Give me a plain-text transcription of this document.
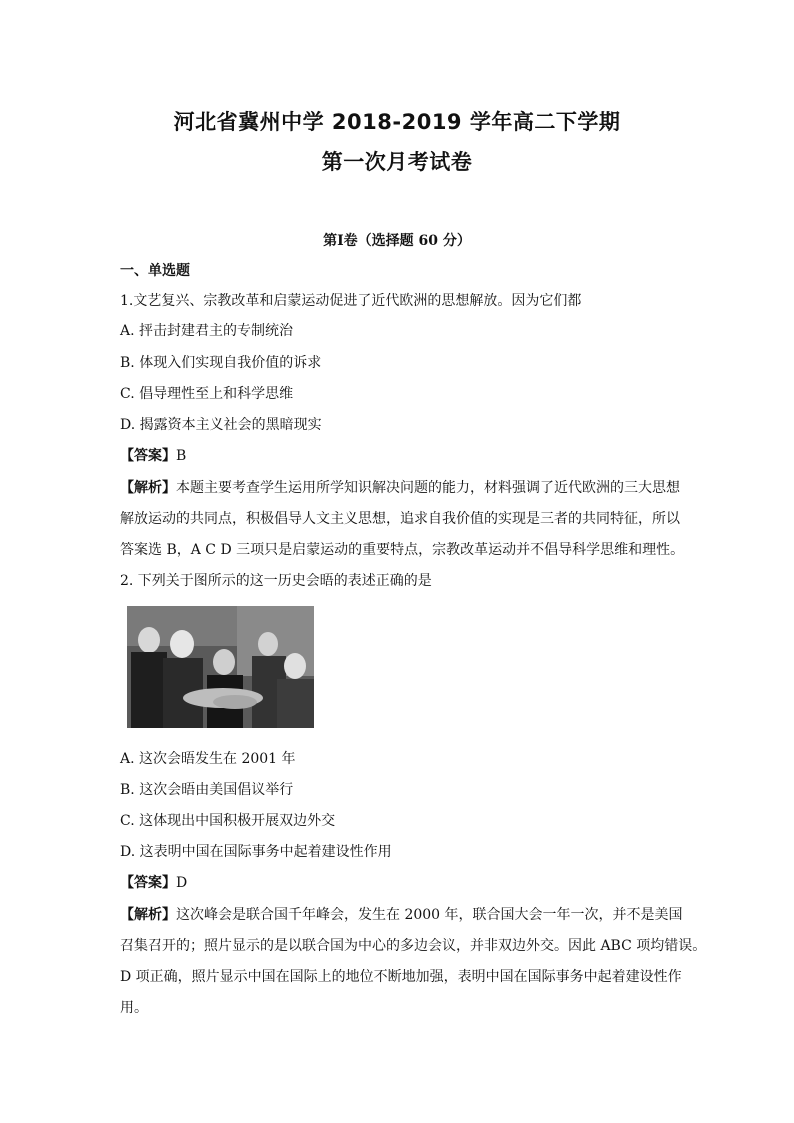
河北省冀州中学 2018-2019 学年高二下学期
第一次月考试卷
第Ⅰ卷（选择题 60 分）
一、单选题
1.文艺复兴、宗教改革和启蒙运动促进了近代欧洲的思想解放。因为它们都
A. 抨击封建君主的专制统治
B. 体现入们实现自我价值的诉求
C. 倡导理性至上和科学思维
D. 揭露资本主义社会的黑暗现实
【答案】B
【解析】本题主要考查学生运用所学知识解决问题的能力，材料强调了近代欧洲的三大思想
解放运动的共同点，积极倡导人文主义思想，追求自我价值的实现是三者的共同特征，所以
答案选 B，A C D 三项只是启蒙运动的重要特点，宗教改革运动并不倡导科学思维和理性。
2. 下列关于图所示的这一历史会晤的表述正确的是
A. 这次会晤发生在 2001 年
B. 这次会晤由美国倡议举行
C. 这体现出中国积极开展双边外交
D. 这表明中国在国际事务中起着建设性作用
【答案】D
【解析】这次峰会是联合国千年峰会，发生在 2000 年，联合国大会一年一次，并不是美国
召集召开的；照片显示的是以联合国为中心的多边会议，并非双边外交。因此 ABC 项均错误。
D 项正确，照片显示中国在国际上的地位不断地加强，表明中国在国际事务中起着建设性作
用。
